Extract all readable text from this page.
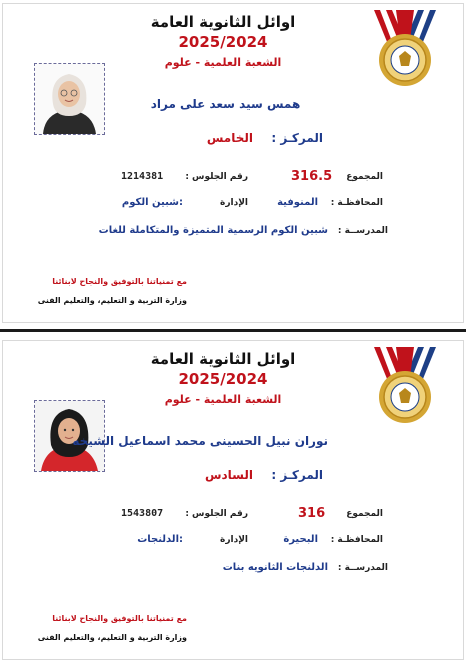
اوائل الثانوية العامة
2025/2024
الشعبة العلمية - علوم
همس سيد سعد على مراد
المركـز :
الخامس
المجموع
316.5
رقم الجلوس :
1214381
المحافظـة :
المنوفية
الإدارة
:شبين الكوم
المدرســة :
شبين الكوم الرسمية المتميزة والمتكاملة للغات
مع تمنياتنا بالتوفيق والنجاح لابنائنا
وزارة التربية و التعليم، والتعليم الفنى
اوائل الثانوية العامة
2025/2024
الشعبة العلمية - علوم
نوران نبيل الحسينى محمد اسماعيل الشيخه
المركـز :
السادس
المجموع
316
رقم الجلوس :
1543807
المحافظـة :
البحيرة
الإدارة
:الدلنجات
المدرســة :
الدلنجات الثانويه بنات
مع تمنياتنا بالتوفيق والنجاح لابنائنا
وزارة التربية و التعليم، والتعليم الفنى
